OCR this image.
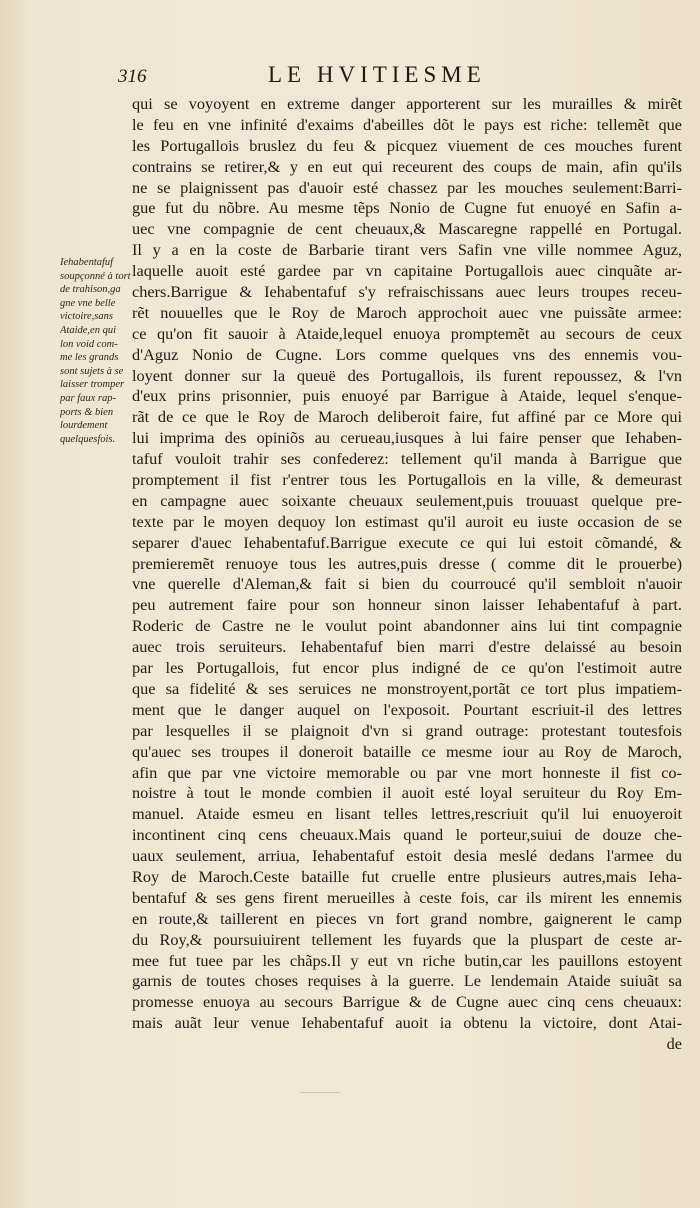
316	LE HVITIESME
Iehabentafuf
soupçonné à tort
de trahison,ga
gne vne belle
victoire,sans
Ataide,en qui
lon void com-
me les grands
sont sujets à se
laisser tromper
par faux rap-
ports & bien
lourdement
quelquesfois.
qui se voyoyent en extreme danger apporterent sur les murailles & mirẽt
le feu en vne infinité d'exaims d'abeilles dõt le pays est riche: tellemẽt que
les Portugallois bruslez du feu & picquez viuement de ces mouches furent
contrains se retirer,& y en eut qui receurent des coups de main, afin qu'ils
ne se plaignissent pas d'auoir esté chassez par les mouches seulement:Barri-
gue fut du nõbre. Au mesme tẽps Nonio de Cugne fut enuoyé en Safin a-
uec vne compagnie de cent cheuaux,& Mascaregne rappellé en Portugal.
Il y a en la coste de Barbarie tirant vers Safin vne ville nommee Aguz,
laquelle auoit esté gardee par vn capitaine Portugallois auec cinquãte ar-
chers.Barrigue & Iehabentafuf s'y refraischissans auec leurs troupes receu-
rẽt nouuelles que le Roy de Maroch approchoit auec vne puissãte armee:
ce qu'on fit sauoir à Ataide,lequel enuoya promptemẽt au secours de ceux
d'Aguz Nonio de Cugne. Lors comme quelques vns des ennemis vou-
loyent donner sur la queuë des Portugallois, ils furent repoussez, & l'vn
d'eux prins prisonnier, puis enuoyé par Barrigue à Ataide, lequel s'enque-
rãt de ce que le Roy de Maroch deliberoit faire, fut affiné par ce More qui
lui imprima des opiniõs au cerueau,iusques à lui faire penser que Iehaben-
tafuf vouloit trahir ses confederez: tellement qu'il manda à Barrigue que
promptement il fist r'entrer tous les Portugallois en la ville, & demeurast
en campagne auec soixante cheuaux seulement,puis trouuast quelque pre-
texte par le moyen dequoy lon estimast qu'il auroit eu iuste occasion de se
separer d'auec Iehabentafuf.Barrigue execute ce qui lui estoit cõmandé, &
premieremẽt renuoye tous les autres,puis dresse ( comme dit le prouerbe)
vne querelle d'Aleman,& fait si bien du courroucé qu'il sembloit n'auoir
peu autrement faire pour son honneur sinon laisser Iehabentafuf à part.
Roderic de Castre ne le voulut point abandonner ains lui tint compagnie
auec trois seruiteurs. Iehabentafuf bien marri d'estre delaissé au besoin
par les Portugallois, fut encor plus indigné de ce qu'on l'estimoit autre
que sa fidelité & ses seruices ne monstroyent,portãt ce tort plus impatiem-
ment que le danger auquel on l'exposoit. Pourtant escriuit-il des lettres
par lesquelles il se plaignoit d'vn si grand outrage: protestant toutesfois
qu'auec ses troupes il doneroit bataille ce mesme iour au Roy de Maroch,
afin que par vne victoire memorable ou par vne mort honneste il fist co-
noistre à tout le monde combien il auoit esté loyal seruiteur du Roy Em-
manuel. Ataide esmeu en lisant telles lettres,rescriuit qu'il lui enuoyeroit
incontinent cinq cens cheuaux.Mais quand le porteur,suiui de douze che-
uaux seulement, arriua, Iehabentafuf estoit desia meslé dedans l'armee du
Roy de Maroch.Ceste bataille fut cruelle entre plusieurs autres,mais Ieha-
bentafuf & ses gens firent merueilles à ceste fois, car ils mirent les ennemis
en route,& taillerent en pieces vn fort grand nombre, gaignerent le camp
du Roy,& poursuiuirent tellement les fuyards que la pluspart de ceste ar-
mee fut tuee par les chãps.Il y eut vn riche butin,car les pauillons estoyent
garnis de toutes choses requises à la guerre. Le lendemain Ataide suiuãt sa
promesse enuoya au secours Barrigue & de Cugne auec cinq cens cheuaux:
mais auãt leur venue Iehabentafuf auoit ia obtenu la victoire, dont Atai-
de
